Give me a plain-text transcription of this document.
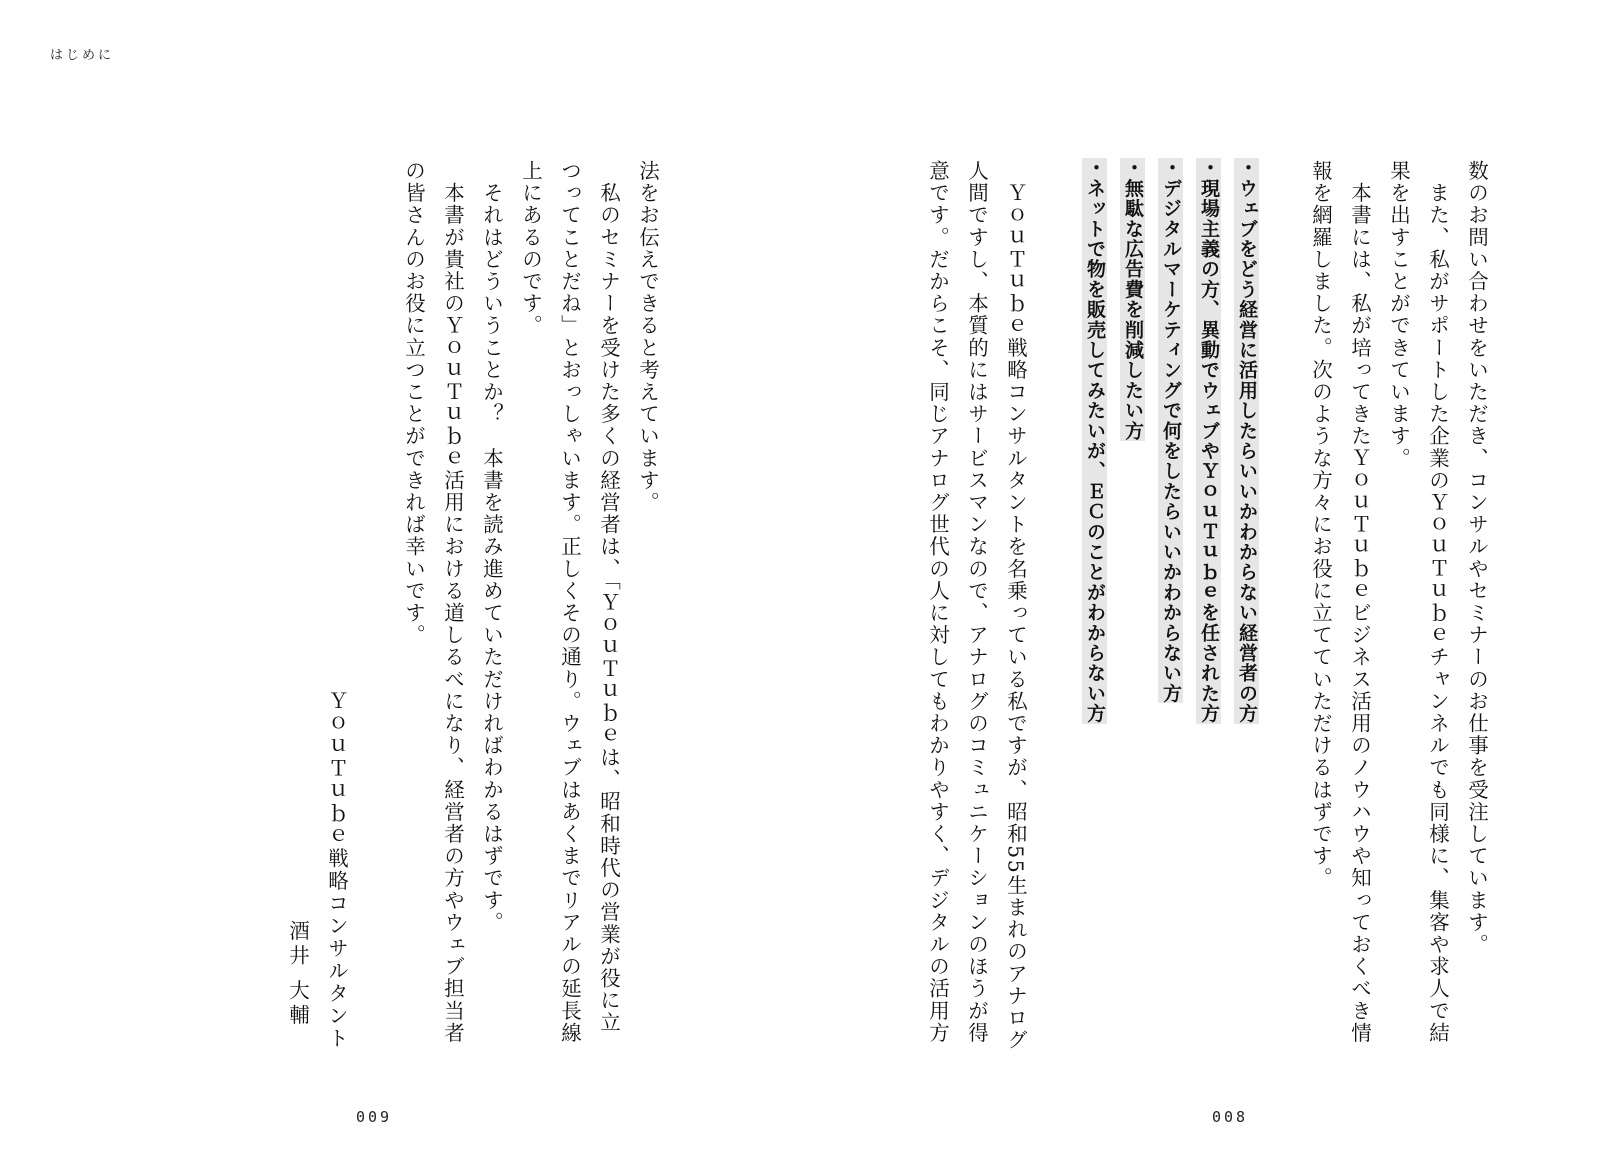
はじめに
数のお問い合わせをいただき、コンサルやセミナーのお仕事を受注しています。
　また、私がサポートした企業のＹｏｕＴｕｂｅチャンネルでも同様に、集客や求人で結
果を出すことができています。
　本書には、私が培ってきたＹｏｕＴｕｂｅビジネス活用のノウハウや知っておくべき情
報を網羅しました。次のような方々にお役に立てていただけるはずです。
・ウェブをどう経営に活用したらいいかわからない経営者の方
・現場主義の方、異動でウェブやＹｏｕＴｕｂｅを任された方
・デジタルマーケティングで何をしたらいいかわからない方
・無駄な広告費を削減したい方
・ネットで物を販売してみたいが、ＥＣのことがわからない方
　ＹｏｕＴｕｂｅ戦略コンサルタントを名乗っている私ですが、昭和55生まれのアナログ
人間ですし、本質的にはサービスマンなので、アナログのコミュニケーションのほうが得
意です。だからこそ、同じアナログ世代の人に対してもわかりやすく、デジタルの活用方
008
法をお伝えできると考えています。
　私のセミナーを受けた多くの経営者は、「ＹｏｕＴｕｂｅは、昭和時代の営業が役に立
つってことだね」とおっしゃいます。正しくその通り。ウェブはあくまでリアルの延長線
上にあるのです。
　それはどういうことか？　本書を読み進めていただければわかるはずです。
　本書が貴社のＹｏｕＴｕｂｅ活用における道しるべになり、経営者の方やウェブ担当者
の皆さんのお役に立つことができれば幸いです。
ＹｏｕＴｕｂｅ戦略コンサルタント
酒井 大輔
009
